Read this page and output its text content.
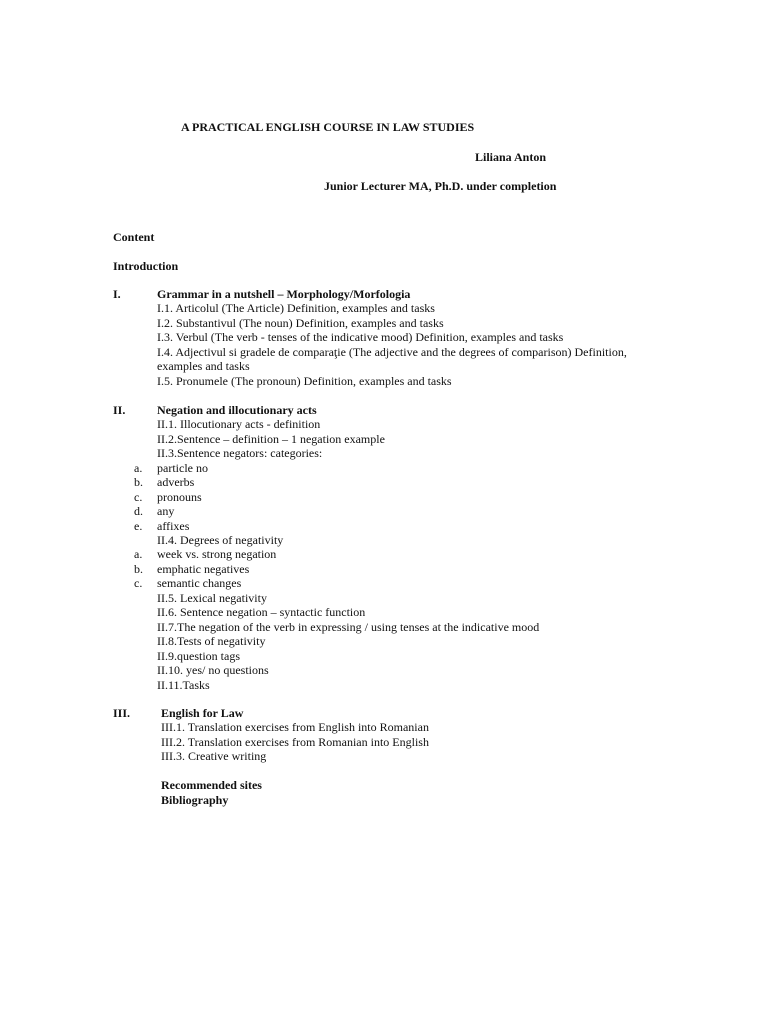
A PRACTICAL ENGLISH COURSE IN LAW STUDIES
Liliana Anton
Junior Lecturer MA, Ph.D. under completion
Content
Introduction
I.	Grammar in a nutshell – Morphology/Morfologia
I.1. Articolul (The Article) Definition, examples and tasks
I.2. Substantivul (The noun) Definition, examples and tasks
I.3. Verbul (The verb - tenses of the indicative mood) Definition, examples and tasks
I.4. Adjectivul si gradele de comparaţie (The adjective and the degrees of comparison) Definition,
examples and tasks
I.5. Pronumele (The pronoun) Definition, examples and tasks
II.	Negation and illocutionary acts
II.1. Illocutionary acts - definition
II.2.Sentence – definition – 1 negation example
II.3.Sentence negators: categories:
a. particle no
b. adverbs
c. pronouns
d. any
e. affixes
II.4. Degrees of negativity
a. week vs. strong negation
b. emphatic negatives
c. semantic changes
II.5. Lexical negativity
II.6. Sentence negation – syntactic function
II.7.The negation of the verb in expressing / using tenses at the indicative mood
II.8.Tests of negativity
II.9.question tags
II.10. yes/ no questions
II.11.Tasks
III.	English for Law
III.1. Translation exercises from English into Romanian
III.2. Translation exercises from Romanian into English
III.3. Creative writing
Recommended sites
Bibliography
